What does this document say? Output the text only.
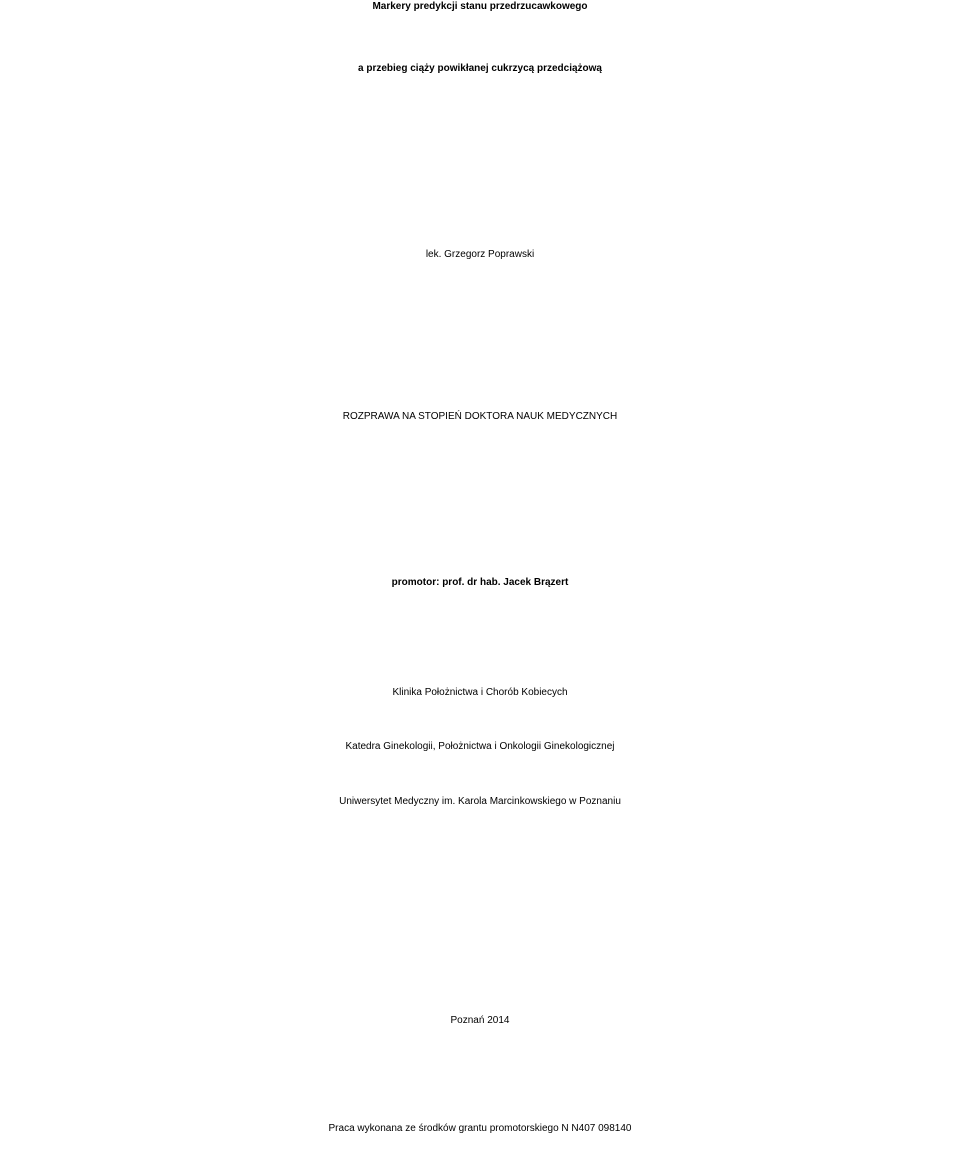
Markery predykcji stanu przedrzucawkowego
a przebieg ciąży powikłanej cukrzycą przedciążową
lek. Grzegorz Poprawski
ROZPRAWA NA STOPIEŃ DOKTORA NAUK MEDYCZNYCH
promotor: prof. dr hab. Jacek Brązert
Klinika Położnictwa i Chorób Kobiecych
Katedra Ginekologii, Położnictwa i Onkologii Ginekologicznej
Uniwersytet Medyczny im. Karola Marcinkowskiego w Poznaniu
Poznań 2014
Praca wykonana ze środków grantu promotorskiego N N407 098140
